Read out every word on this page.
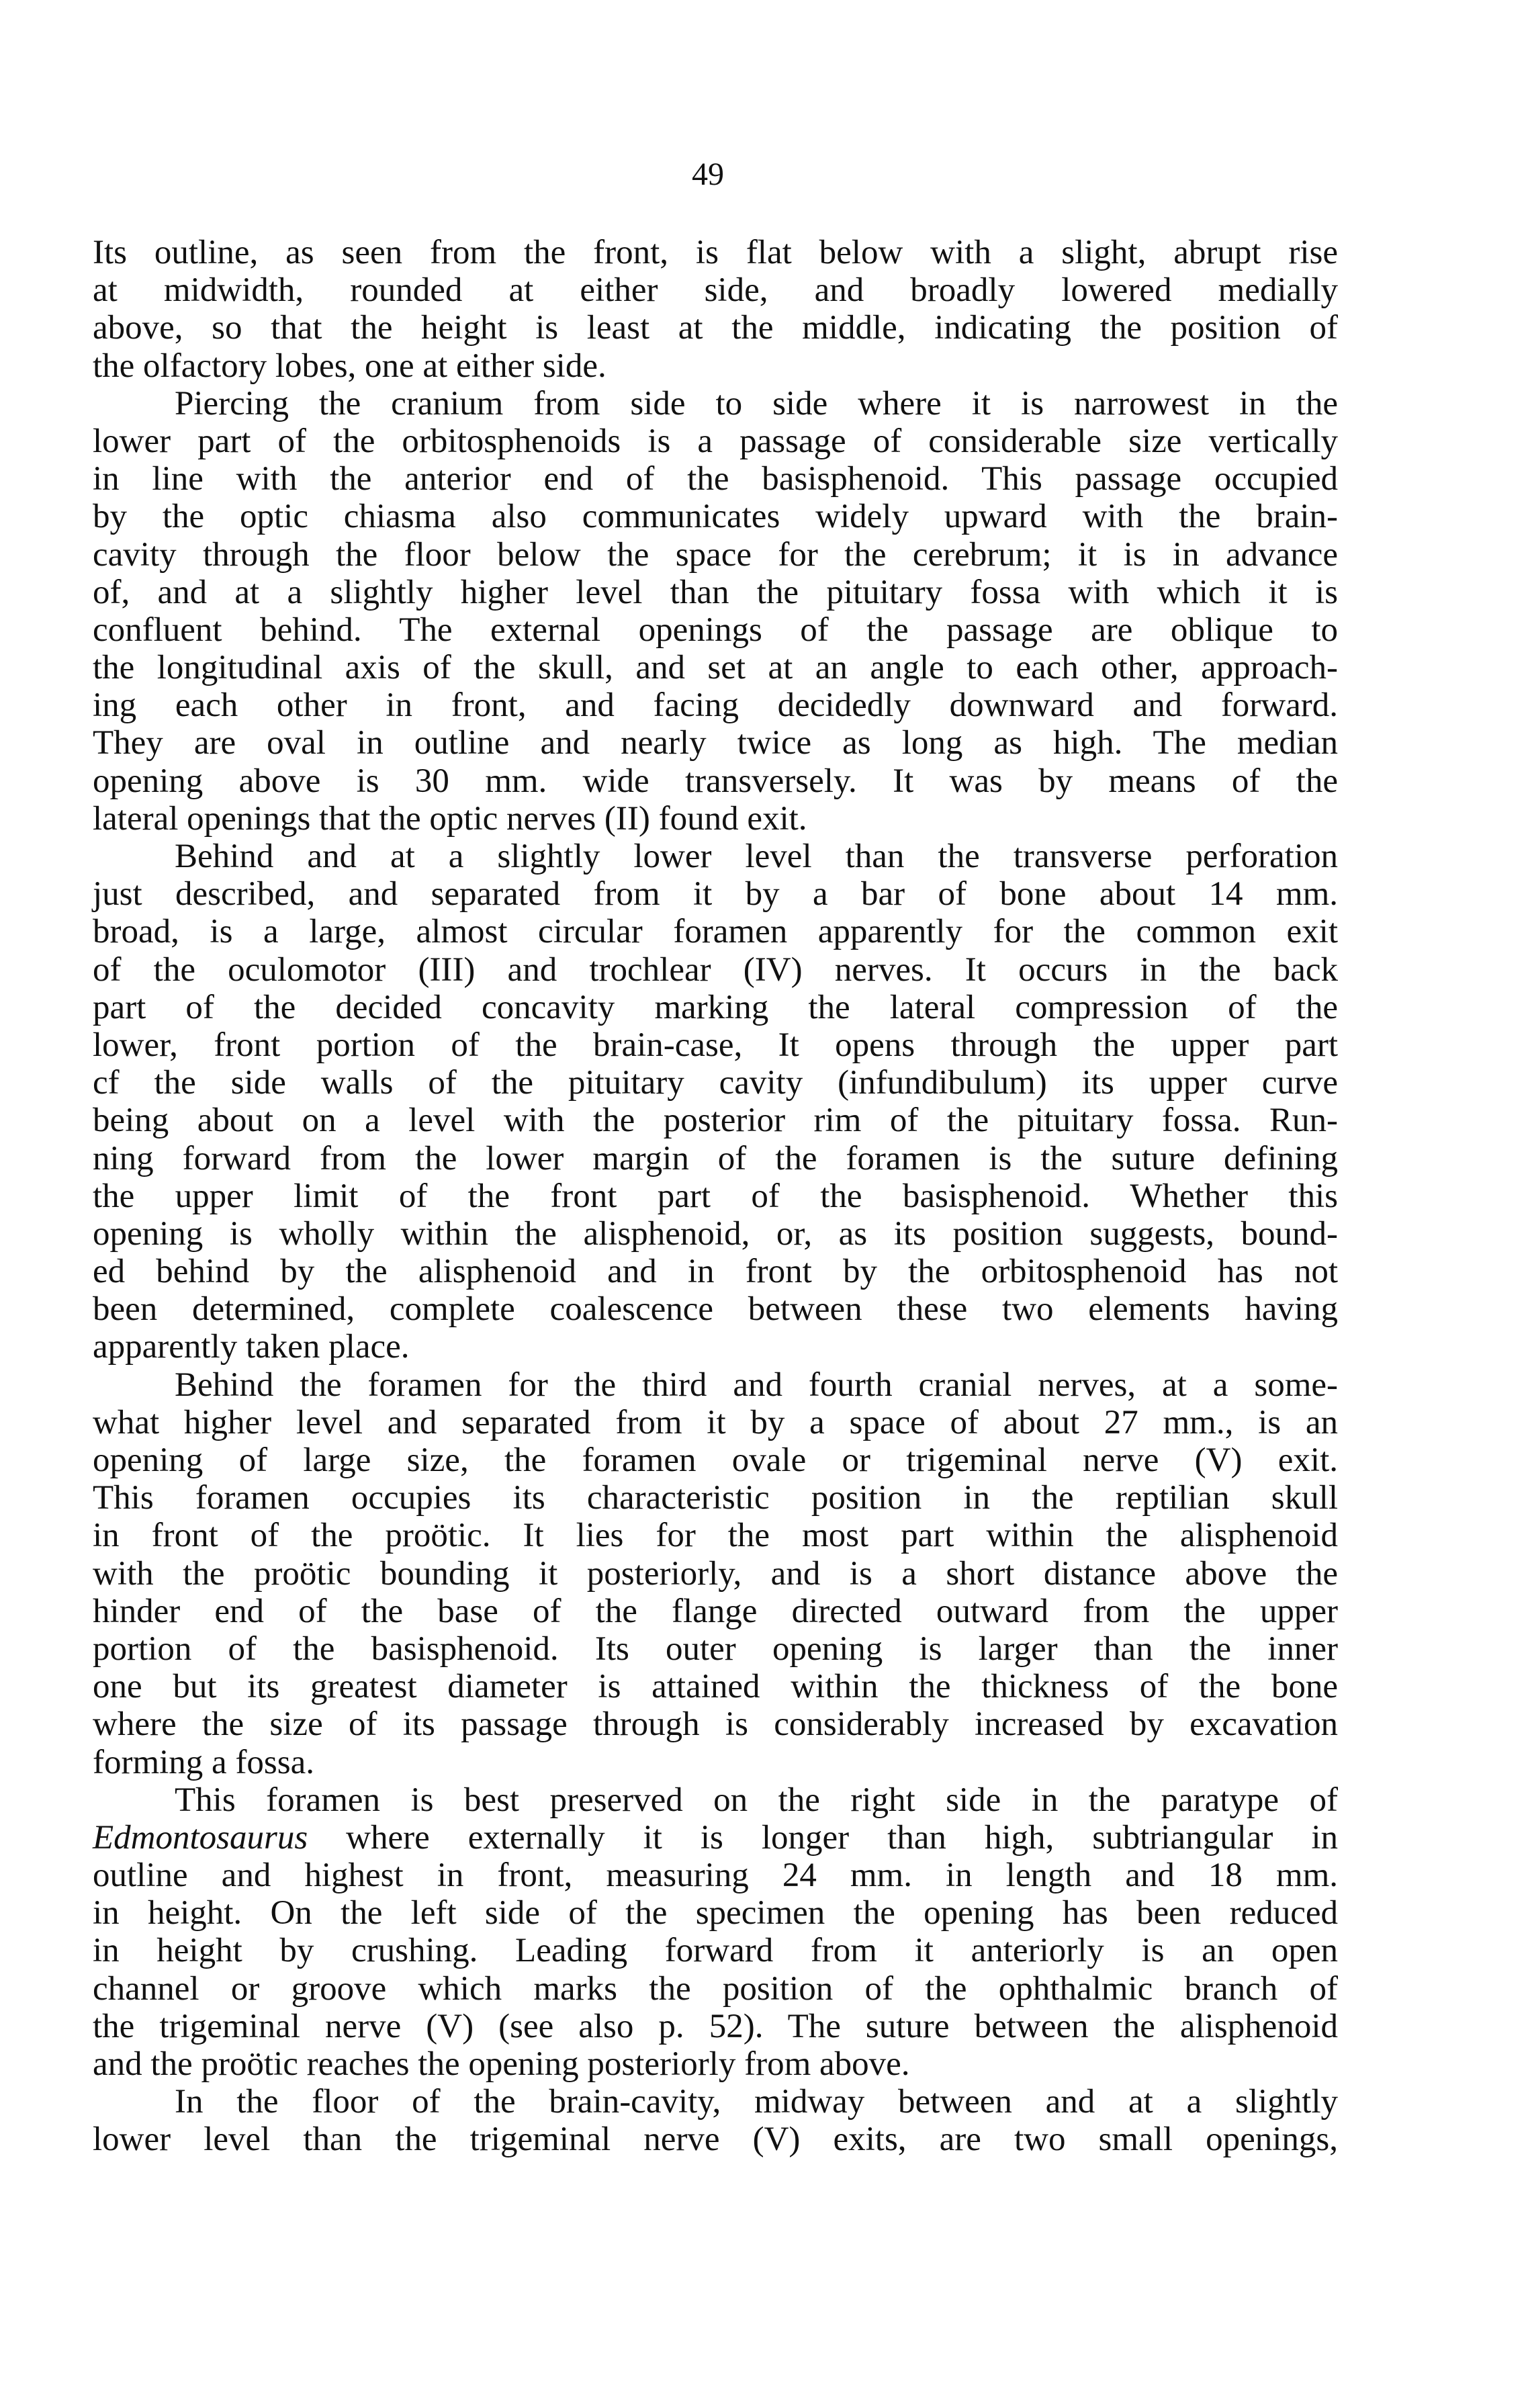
49
Its outline, as seen from the front, is flat below with a slight, abrupt rise
at midwidth, rounded at either side, and broadly lowered medially
above, so that the height is least at the middle, indicating the position of
the olfactory lobes, one at either side.
Piercing the cranium from side to side where it is narrowest in the
lower part of the orbitosphenoids is a passage of considerable size vertically
in line with the anterior end of the basisphenoid. This passage occupied
by the optic chiasma also communicates widely upward with the brain-
cavity through the floor below the space for the cerebrum; it is in advance
of, and at a slightly higher level than the pituitary fossa with which it is
confluent behind. The external openings of the passage are oblique to
the longitudinal axis of the skull, and set at an angle to each other, approach-
ing each other in front, and facing decidedly downward and forward.
They are oval in outline and nearly twice as long as high. The median
opening above is 30 mm. wide transversely. It was by means of the
lateral openings that the optic nerves (II) found exit.
Behind and at a slightly lower level than the transverse perforation
just described, and separated from it by a bar of bone about 14 mm.
broad, is a large, almost circular foramen apparently for the common exit
of the oculomotor (III) and trochlear (IV) nerves. It occurs in the back
part of the decided concavity marking the lateral compression of the
lower, front portion of the brain-case, It opens through the upper part
cf the side walls of the pituitary cavity (infundibulum) its upper curve
being about on a level with the posterior rim of the pituitary fossa. Run-
ning forward from the lower margin of the foramen is the suture defining
the upper limit of the front part of the basisphenoid. Whether this
opening is wholly within the alisphenoid, or, as its position suggests, bound-
ed behind by the alisphenoid and in front by the orbitosphenoid has not
been determined, complete coalescence between these two elements having
apparently taken place.
Behind the foramen for the third and fourth cranial nerves, at a some-
what higher level and separated from it by a space of about 27 mm., is an
opening of large size, the foramen ovale or trigeminal nerve (V) exit.
This foramen occupies its characteristic position in the reptilian skull
in front of the proötic. It lies for the most part within the alisphenoid
with the proötic bounding it posteriorly, and is a short distance above the
hinder end of the base of the flange directed outward from the upper
portion of the basisphenoid. Its outer opening is larger than the inner
one but its greatest diameter is attained within the thickness of the bone
where the size of its passage through is considerably increased by excavation
forming a fossa.
This foramen is best preserved on the right side in the paratype of
Edmontosaurus where externally it is longer than high, subtriangular in
outline and highest in front, measuring 24 mm. in length and 18 mm.
in height. On the left side of the specimen the opening has been reduced
in height by crushing. Leading forward from it anteriorly is an open
channel or groove which marks the position of the ophthalmic branch of
the trigeminal nerve (V) (see also p. 52). The suture between the alisphenoid
and the proötic reaches the opening posteriorly from above.
In the floor of the brain-cavity, midway between and at a slightly
lower level than the trigeminal nerve (V) exits, are two small openings,
